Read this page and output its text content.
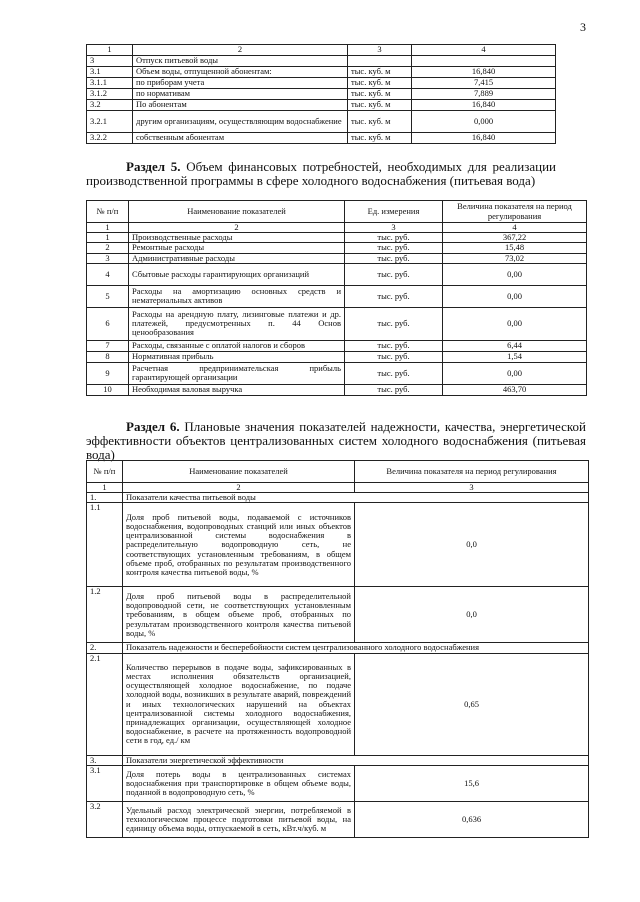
3
1	2	3	4
3	Отпуск питьевой воды		
3.1	Объем воды, отпущенной абонентам:	тыс. куб. м	16,840
3.1.1	по приборам учета	тыс. куб. м	7,415
3.1.2	по нормативам	тыс. куб. м	7,889
3.2	По абонентам	тыс. куб. м	16,840
3.2.1	другим организациям, осуществляющим водоснабжение	тыс. куб. м	0,000
3.2.2	собственным абонентам	тыс. куб. м	16,840
Раздел 5. Объем финансовых потребностей, необходимых для реализации производственной программы в сфере холодного водоснабжения (питьевая вода)
№ п/п	Наименование показателей	Ед. измерения	Величина показателя на период регулирования
1	2	3	4
1	Производственные расходы	тыс. руб.	367,22
2	Ремонтные расходы	тыс. руб.	15,48
3	Административные расходы	тыс. руб.	73,02
4	Сбытовые расходы гарантирующих организаций	тыс. руб.	0,00
5	Расходы на амортизацию основных средств и нематериальных активов	тыс. руб.	0,00
6	Расходы на арендную плату, лизинговые платежи и др. платежей, предусмотренных п. 44 Основ ценообразования	тыс. руб.	0,00
7	Расходы, связанные с оплатой налогов и сборов	тыс. руб.	6,44
8	Нормативная прибыль	тыс. руб.	1,54
9	Расчетная предпринимательская прибыль гарантирующей организации	тыс. руб.	0,00
10	Необходимая валовая выручка	тыс. руб.	463,70
Раздел 6. Плановые значения показателей надежности, качества, энергетической эффективности объектов централизованных систем холодного водоснабжения (питьевая вода)
№ п/п	Наименование показателей	Величина показателя на период регулирования
1	2	3
1.	Показатели качества питьевой воды	
1.1	Доля проб питьевой воды, подаваемой с источников водоснабжения, водопроводных станций или иных объектов централизованной системы водоснабжения в распределительную водопроводную сеть, не соответствующих установленным требованиям, в общем объеме проб, отобранных по результатам производственного контроля качества питьевой воды, %	0,0
1.2	Доля проб питьевой воды в распределительной водопроводной сети, не соответствующих установленным требованиям, в общем объеме проб, отобранных по результатам производственного контроля качества питьевой воды, %	0,0
2.	Показатель надежности и бесперебойности систем централизованного холодного водоснабжения	
2.1	Количество перерывов в подаче воды, зафиксированных в местах исполнения обязательств организацией, осуществляющей холодное водоснабжение, по подаче холодной воды, возникших в результате аварий, повреждений и иных технологических нарушений на объектах централизованной системы холодного водоснабжения, принадлежащих организации, осуществляющей холодное водоснабжение, в расчете на протяженность водопроводной сети в год, ед./ км	0,65
3.	Показатели энергетической эффективности	
3.1	Доля потерь воды в централизованных системах водоснабжения при транспортировке в общем объеме воды, поданной в водопроводную сеть, %	15,6
3.2	Удельный расход электрической энергии, потребляемой в технологическом процессе подготовки питьевой воды, на единицу объема воды, отпускаемой в сеть, кВт.ч/куб. м	0,636
